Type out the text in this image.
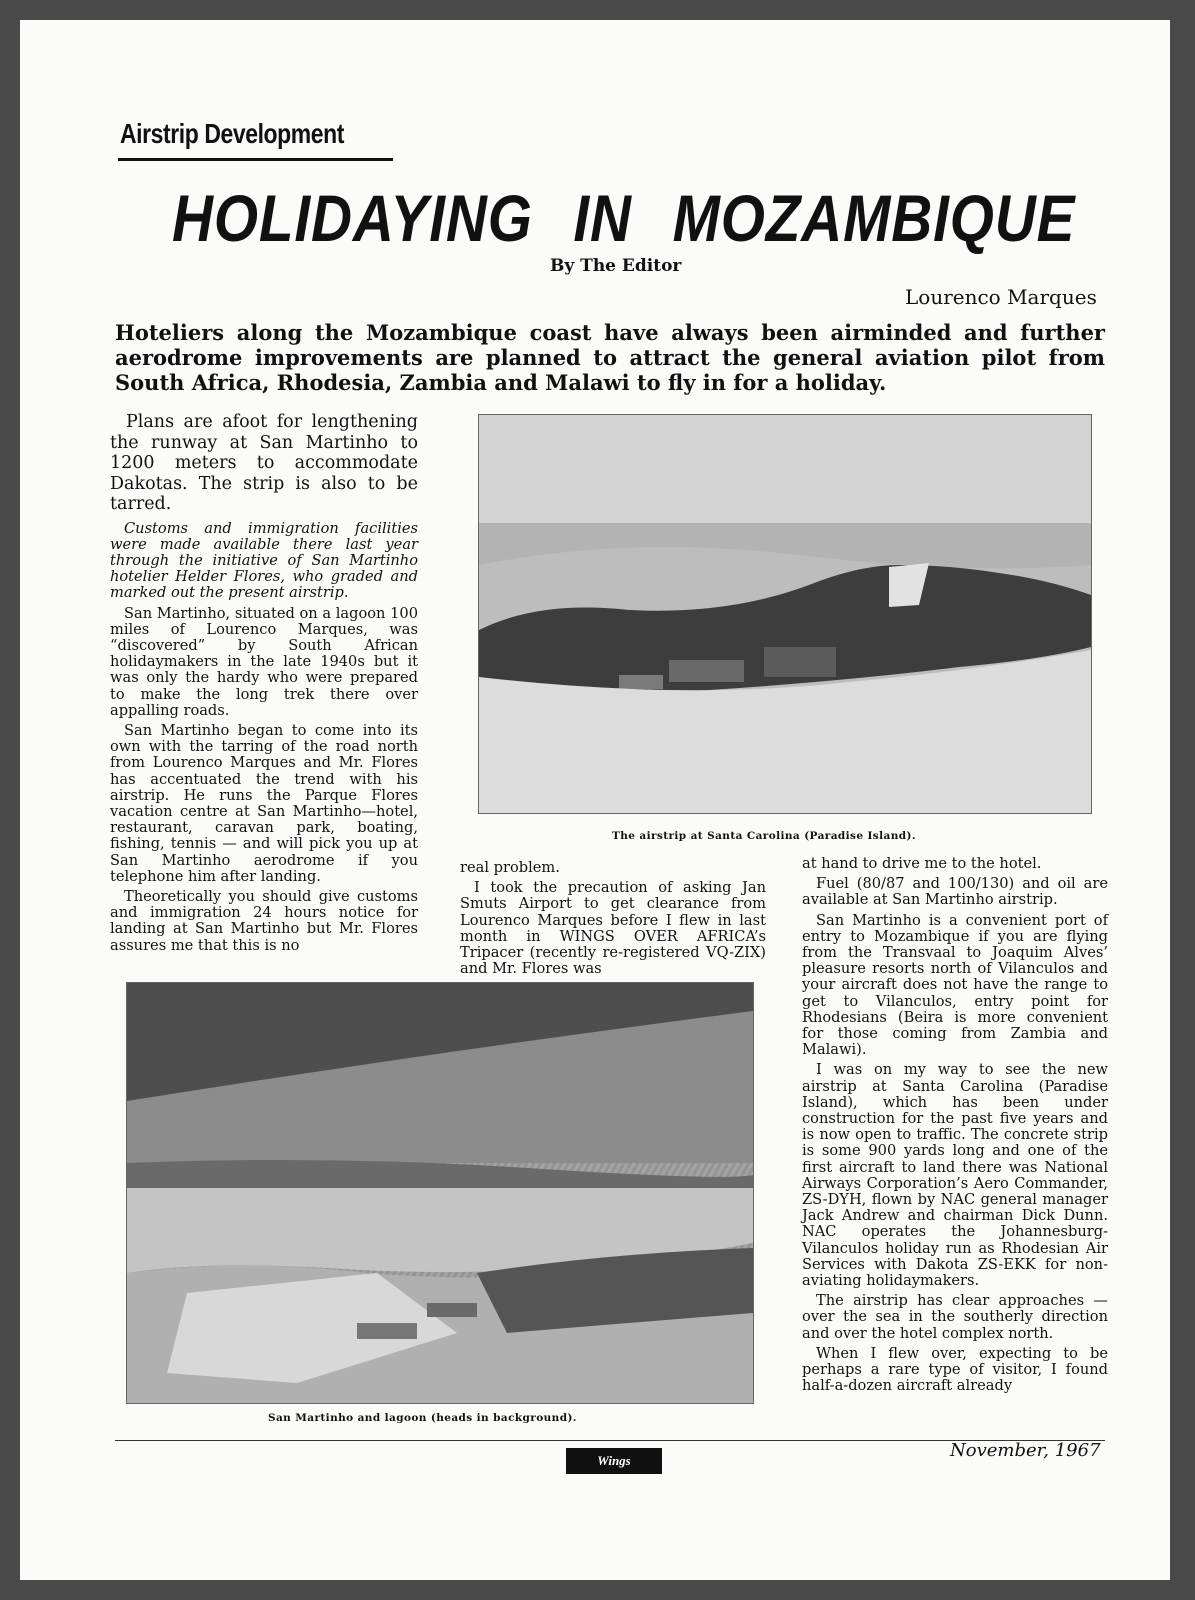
Airstrip Development
HOLIDAYING IN MOZAMBIQUE
By The Editor
Lourenco Marques
Hoteliers along the Mozambique coast have always been airminded and further aerodrome improvements are planned to attract the general aviation pilot from South Africa, Rhodesia, Zambia and Malawi to fly in for a holiday.

Plans are afoot for lengthening the runway at San Martinho to 1200 meters to accommodate Dakotas. The strip is also to be tarred.

Customs and immigration facilities were made available there last year through the initiative of San Martinho hotelier Helder Flores, who graded and marked out the present airstrip.

San Martinho, situated on a lagoon 100 miles of Lourenco Marques, was “discovered” by South African holidaymakers in the late 1940s but it was only the hardy who were prepared to make the long trek there over appalling roads.

San Martinho began to come into its own with the tarring of the road north from Lourenco Marques and Mr. Flores has accentuated the trend with his airstrip. He runs the Parque Flores vacation centre at San Martinho—hotel, restaurant, caravan park, boating, fishing, tennis — and will pick you up at San Martinho aerodrome if you telephone him after landing.

Theoretically you should give customs and immigration 24 hours notice for landing at San Martinho but Mr. Flores assures me that this is no

The airstrip at Santa Carolina (Paradise Island).

real problem.

I took the precaution of asking Jan Smuts Airport to get clearance from Lourenco Marques before I flew in last month in WINGS OVER AFRICA’s Tripacer (recently re-registered VQ-ZIX) and Mr. Flores was

at hand to drive me to the hotel.

Fuel (80/87 and 100/130) and oil are available at San Martinho airstrip.

San Martinho is a convenient port of entry to Mozambique if you are flying from the Transvaal to Joaquim Alves’ pleasure resorts north of Vilanculos and your aircraft does not have the range to get to Vilanculos, entry point for Rhodesians (Beira is more convenient for those coming from Zambia and Malawi).

I was on my way to see the new airstrip at Santa Carolina (Paradise Island), which has been under construction for the past five years and is now open to traffic. The concrete strip is some 900 yards long and one of the first aircraft to land there was National Airways Corporation’s Aero Commander, ZS-DYH, flown by NAC general manager Jack Andrew and chairman Dick Dunn. NAC operates the Johannesburg-Vilanculos holiday run as Rhodesian Air Services with Dakota ZS-EKK for non-aviating holidaymakers.

The airstrip has clear approaches — over the sea in the southerly direction and over the hotel complex north.

When I flew over, expecting to be perhaps a rare type of visitor, I found half-a-dozen aircraft already

San Martinho and lagoon (heads in background).
Wings	November, 1967
